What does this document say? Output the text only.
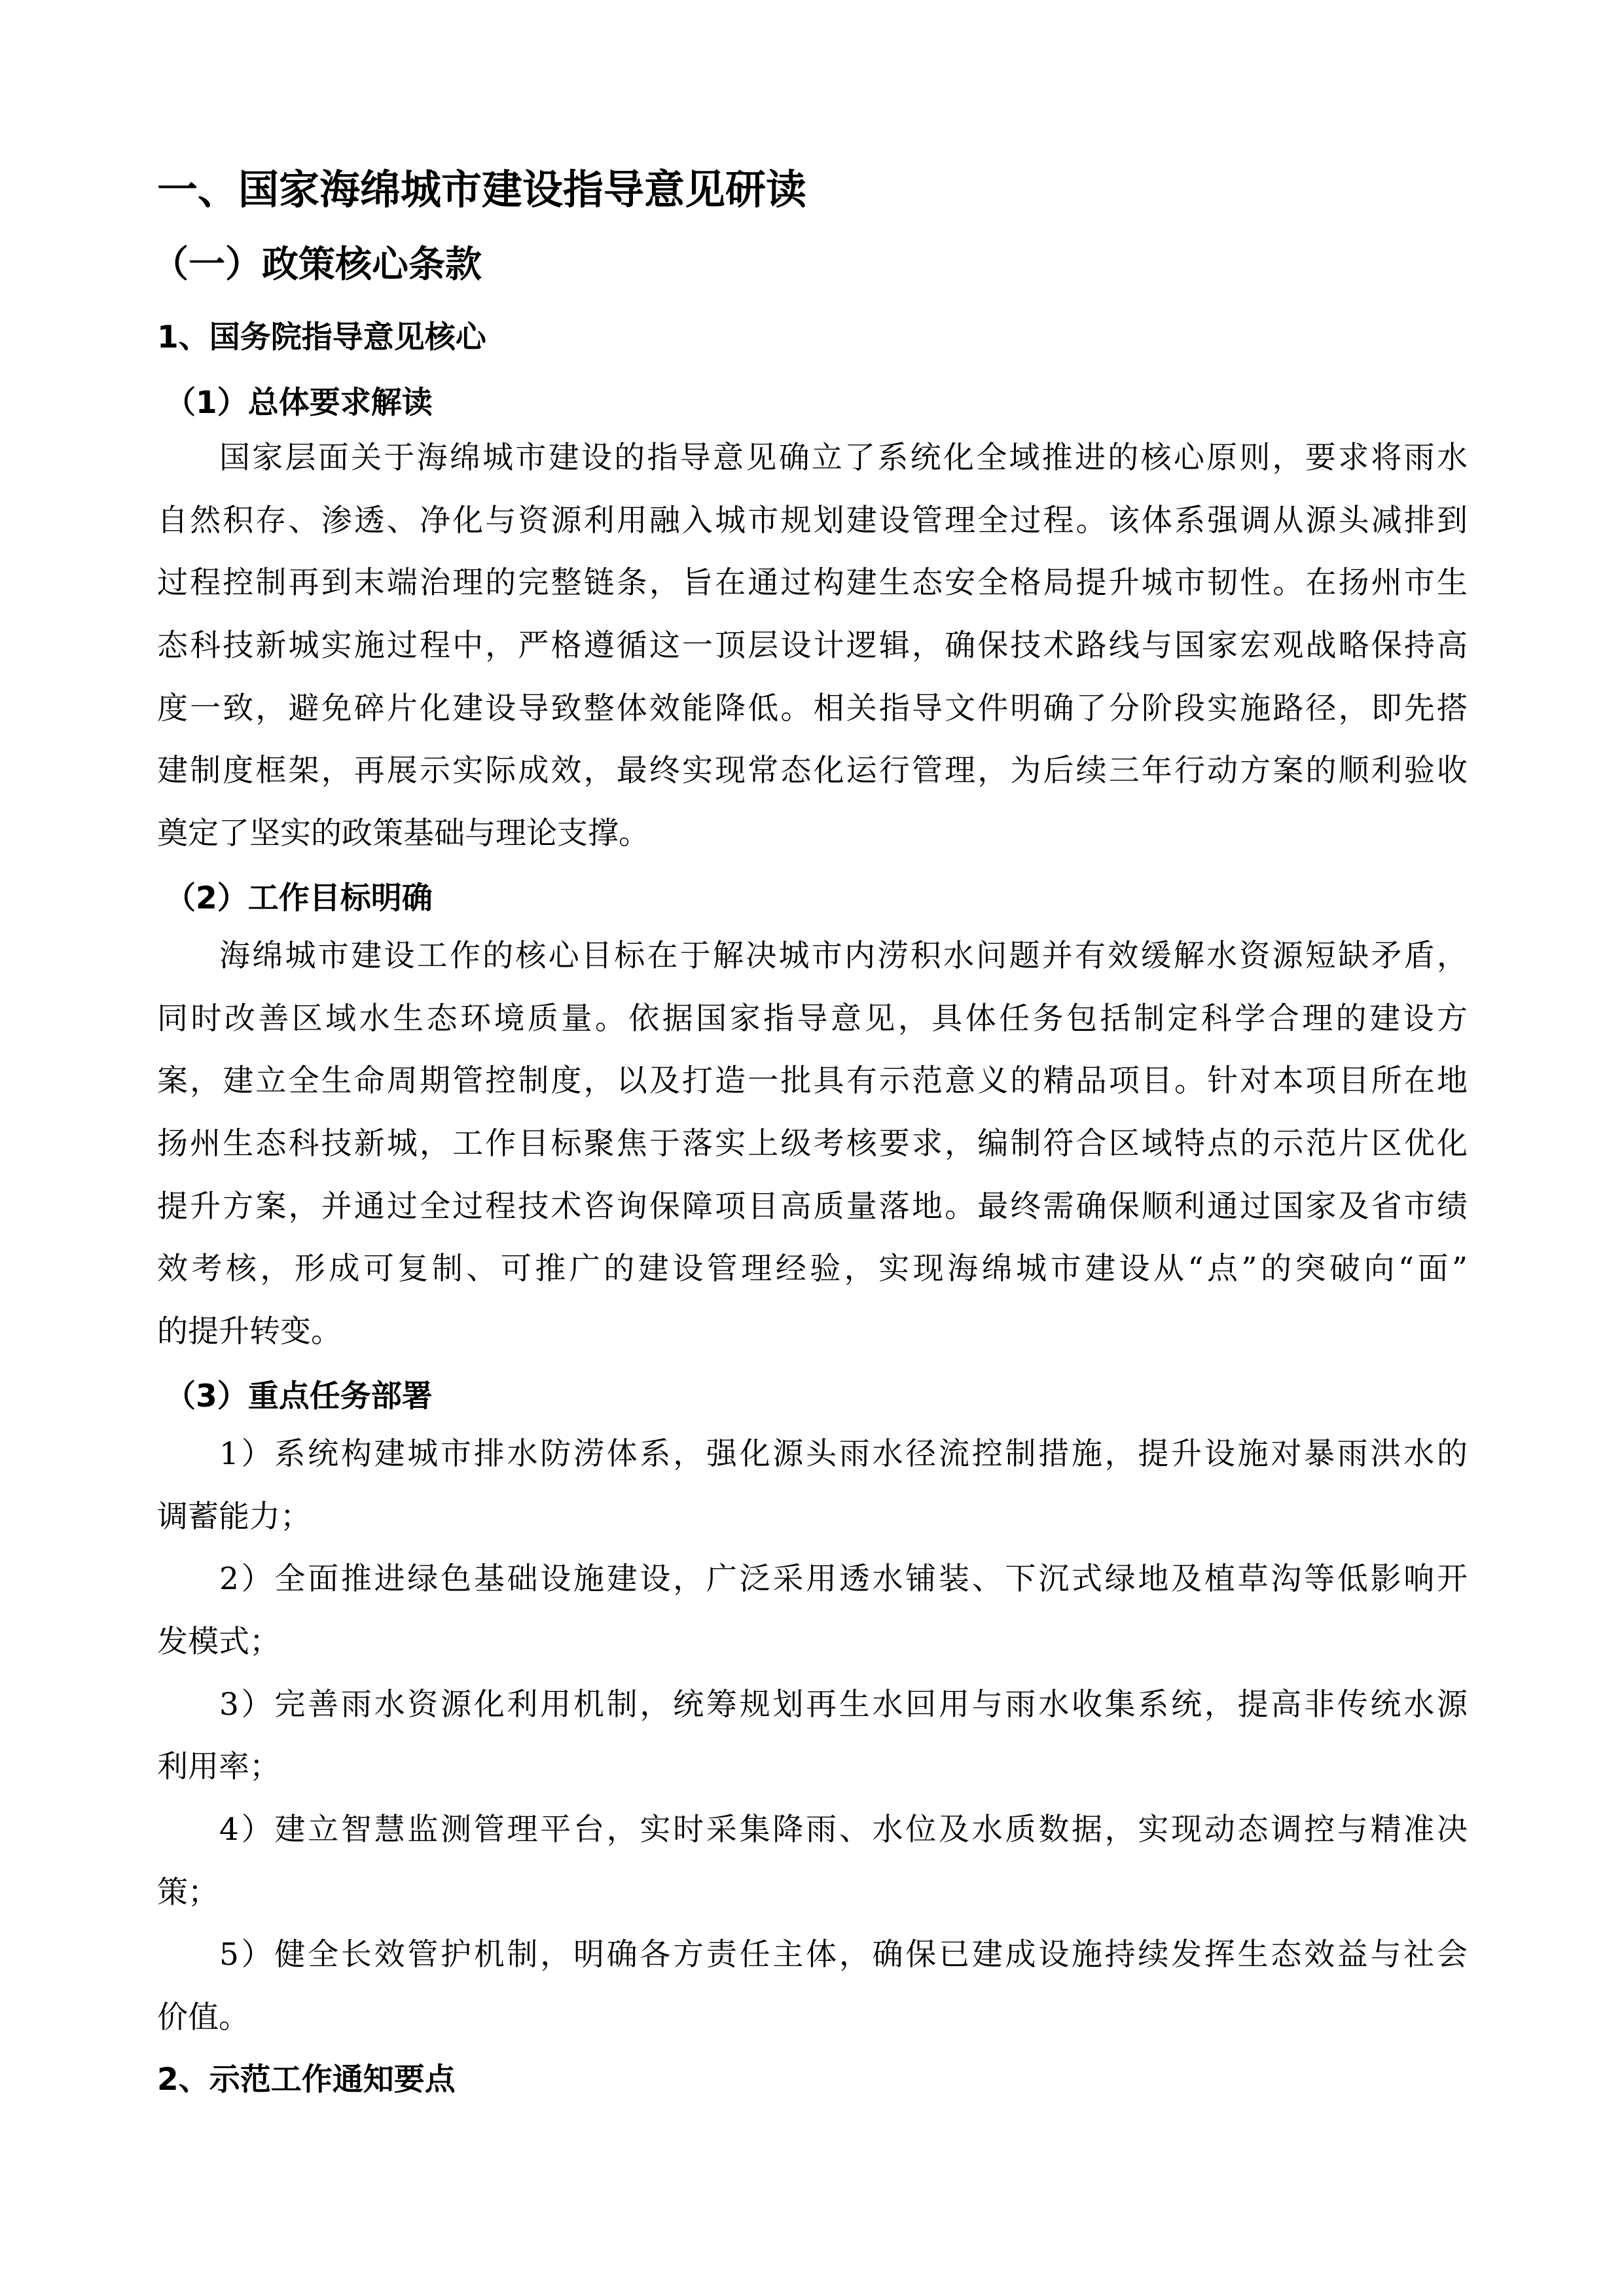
一、国家海绵城市建设指导意见研读
（一）政策核心条款
1、国务院指导意见核心
（1）总体要求解读
国家层面关于海绵城市建设的指导意见确立了系统化全域推进的核心原则，要求将雨水
自然积存、渗透、净化与资源利用融入城市规划建设管理全过程。该体系强调从源头减排到
过程控制再到末端治理的完整链条，旨在通过构建生态安全格局提升城市韧性。在扬州市生
态科技新城实施过程中，严格遵循这一顶层设计逻辑，确保技术路线与国家宏观战略保持高
度一致，避免碎片化建设导致整体效能降低。相关指导文件明确了分阶段实施路径，即先搭
建制度框架，再展示实际成效，最终实现常态化运行管理，为后续三年行动方案的顺利验收
奠定了坚实的政策基础与理论支撑。
（2）工作目标明确
海绵城市建设工作的核心目标在于解决城市内涝积水问题并有效缓解水资源短缺矛盾，
同时改善区域水生态环境质量。依据国家指导意见，具体任务包括制定科学合理的建设方
案，建立全生命周期管控制度，以及打造一批具有示范意义的精品项目。针对本项目所在地
扬州生态科技新城，工作目标聚焦于落实上级考核要求，编制符合区域特点的示范片区优化
提升方案，并通过全过程技术咨询保障项目高质量落地。最终需确保顺利通过国家及省市绩
效考核，形成可复制、可推广的建设管理经验，实现海绵城市建设从“点”的突破向“面”
的提升转变。
（3）重点任务部署
1）系统构建城市排水防涝体系，强化源头雨水径流控制措施，提升设施对暴雨洪水的
调蓄能力；
2）全面推进绿色基础设施建设，广泛采用透水铺装、下沉式绿地及植草沟等低影响开
发模式；
3）完善雨水资源化利用机制，统筹规划再生水回用与雨水收集系统，提高非传统水源
利用率；
4）建立智慧监测管理平台，实时采集降雨、水位及水质数据，实现动态调控与精准决
策；
5）健全长效管护机制，明确各方责任主体，确保已建成设施持续发挥生态效益与社会
价值。
2、示范工作通知要点
